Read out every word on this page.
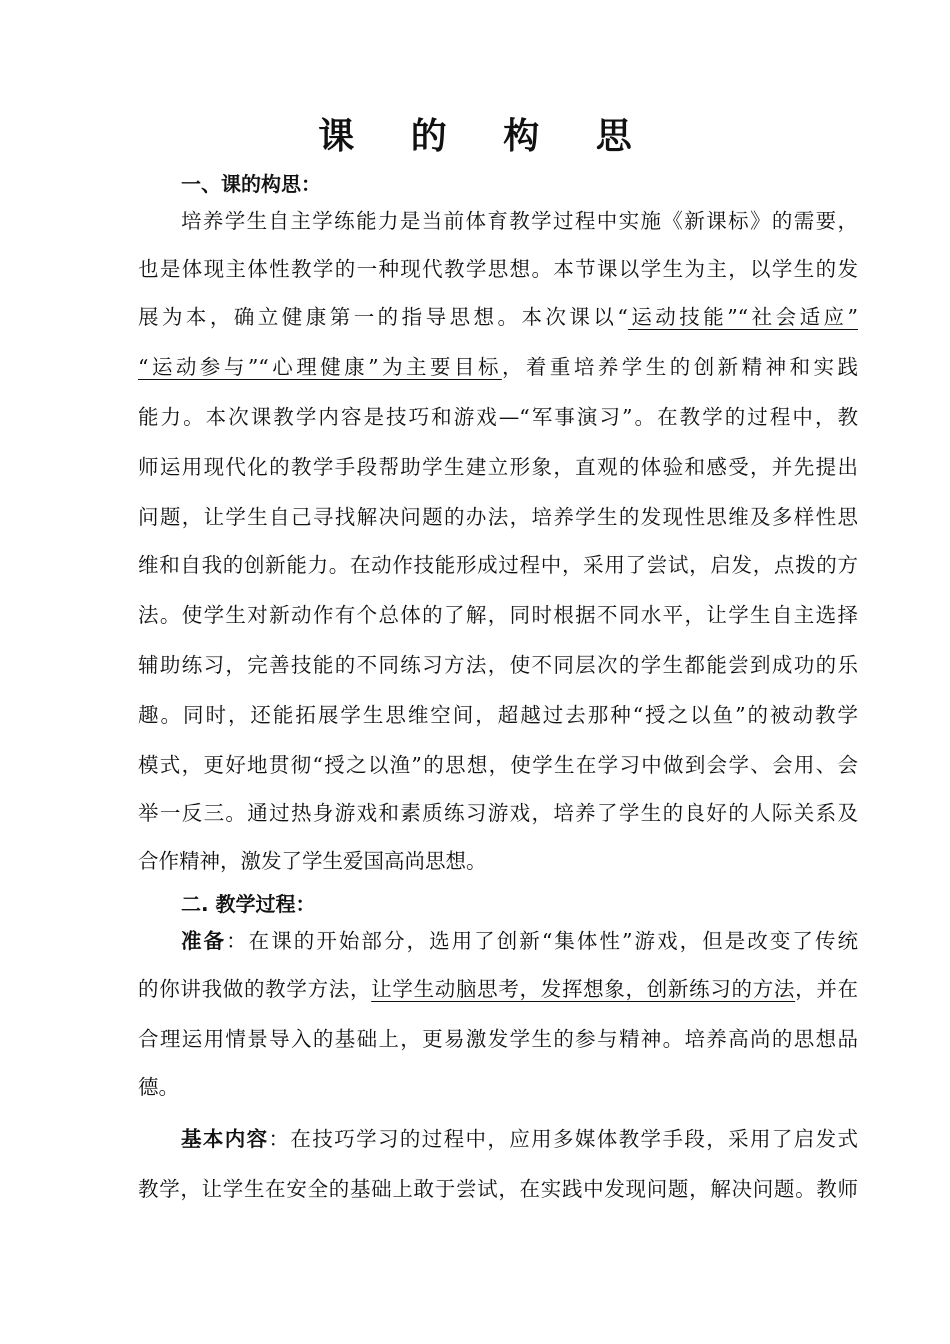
课 的 构 思
一、课的构思：
培养学生自主学练能力是当前体育教学过程中实施《新课标》的需要，
也是体现主体性教学的一种现代教学思想。本节课以学生为主，以学生的发
展为本，确立健康第一的指导思想。本次课以“运动技能”“社会适应”
“运动参与”“心理健康”为主要目标，着重培养学生的创新精神和实践
能力。本次课教学内容是技巧和游戏—“军事演习”。在教学的过程中，教
师运用现代化的教学手段帮助学生建立形象，直观的体验和感受，并先提出
问题，让学生自己寻找解决问题的办法，培养学生的发现性思维及多样性思
维和自我的创新能力。在动作技能形成过程中，采用了尝试，启发，点拨的方
法。使学生对新动作有个总体的了解，同时根据不同水平，让学生自主选择
辅助练习，完善技能的不同练习方法，使不同层次的学生都能尝到成功的乐
趣。同时，还能拓展学生思维空间，超越过去那种“授之以鱼”的被动教学
模式，更好地贯彻“授之以渔”的思想，使学生在学习中做到会学、会用、会
举一反三。通过热身游戏和素质练习游戏，培养了学生的良好的人际关系及
合作精神，激发了学生爱国高尚思想。
二. 教学过程：
准备：在课的开始部分，选用了创新“集体性”游戏，但是改变了传统
的你讲我做的教学方法，让学生动脑思考，发挥想象，创新练习的方法，并在
合理运用情景导入的基础上，更易激发学生的参与精神。培养高尚的思想品
德。
基本内容：在技巧学习的过程中，应用多媒体教学手段，采用了启发式
教学，让学生在安全的基础上敢于尝试，在实践中发现问题，解决问题。教师
